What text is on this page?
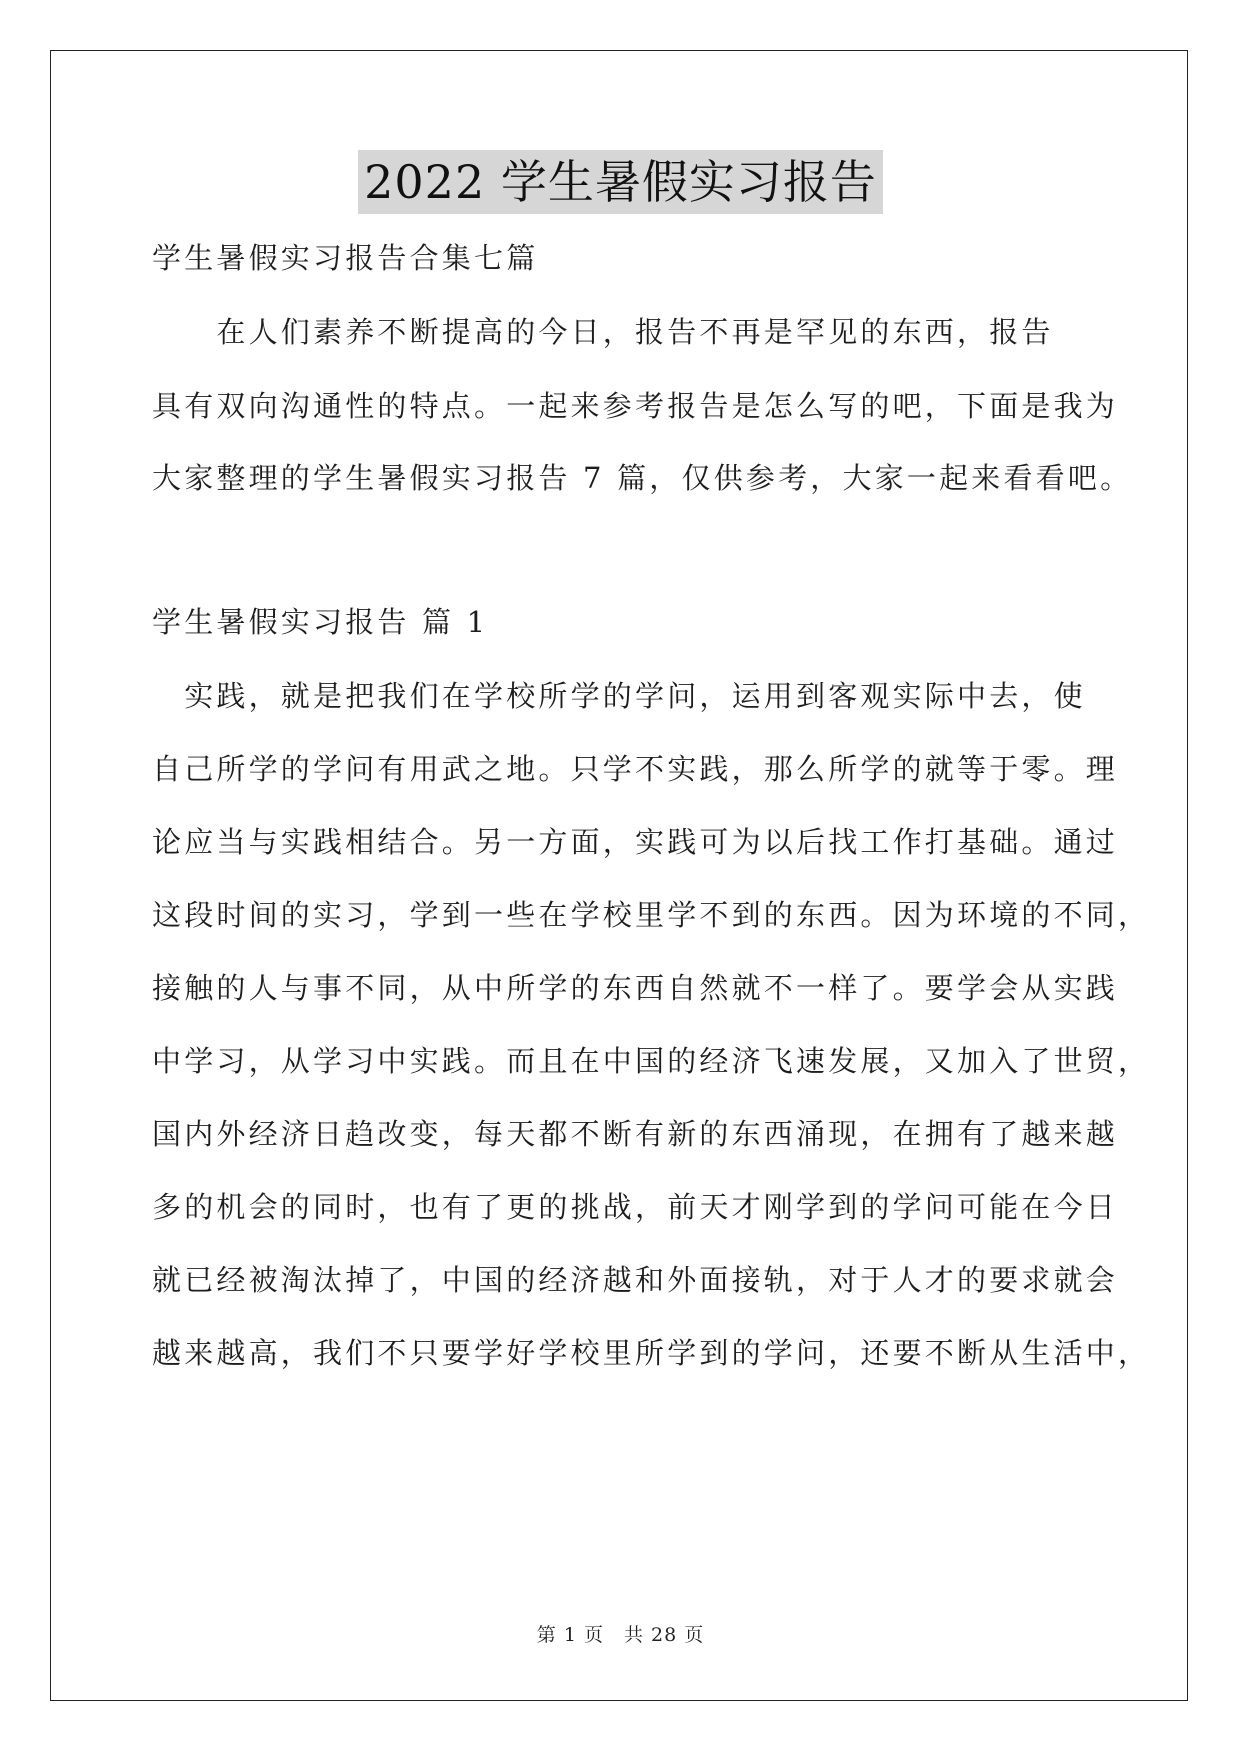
2022 学生暑假实习报告
学生暑假实习报告合集七篇
　　在人们素养不断提高的今日，报告不再是罕见的东西，报告
具有双向沟通性的特点。一起来参考报告是怎么写的吧，下面是我为
大家整理的学生暑假实习报告 7 篇，仅供参考，大家一起来看看吧。
学生暑假实习报告 篇 1
　实践，就是把我们在学校所学的学问，运用到客观实际中去，使
自己所学的学问有用武之地。只学不实践，那么所学的就等于零。理
论应当与实践相结合。另一方面，实践可为以后找工作打基础。通过
这段时间的实习，学到一些在学校里学不到的东西。因为环境的不同，
接触的人与事不同，从中所学的东西自然就不一样了。要学会从实践
中学习，从学习中实践。而且在中国的经济飞速发展，又加入了世贸，
国内外经济日趋改变，每天都不断有新的东西涌现，在拥有了越来越
多的机会的同时，也有了更的挑战，前天才刚学到的学问可能在今日
就已经被淘汰掉了，中国的经济越和外面接轨，对于人才的要求就会
越来越高，我们不只要学好学校里所学到的学问，还要不断从生活中，
第 1 页　共 28 页
